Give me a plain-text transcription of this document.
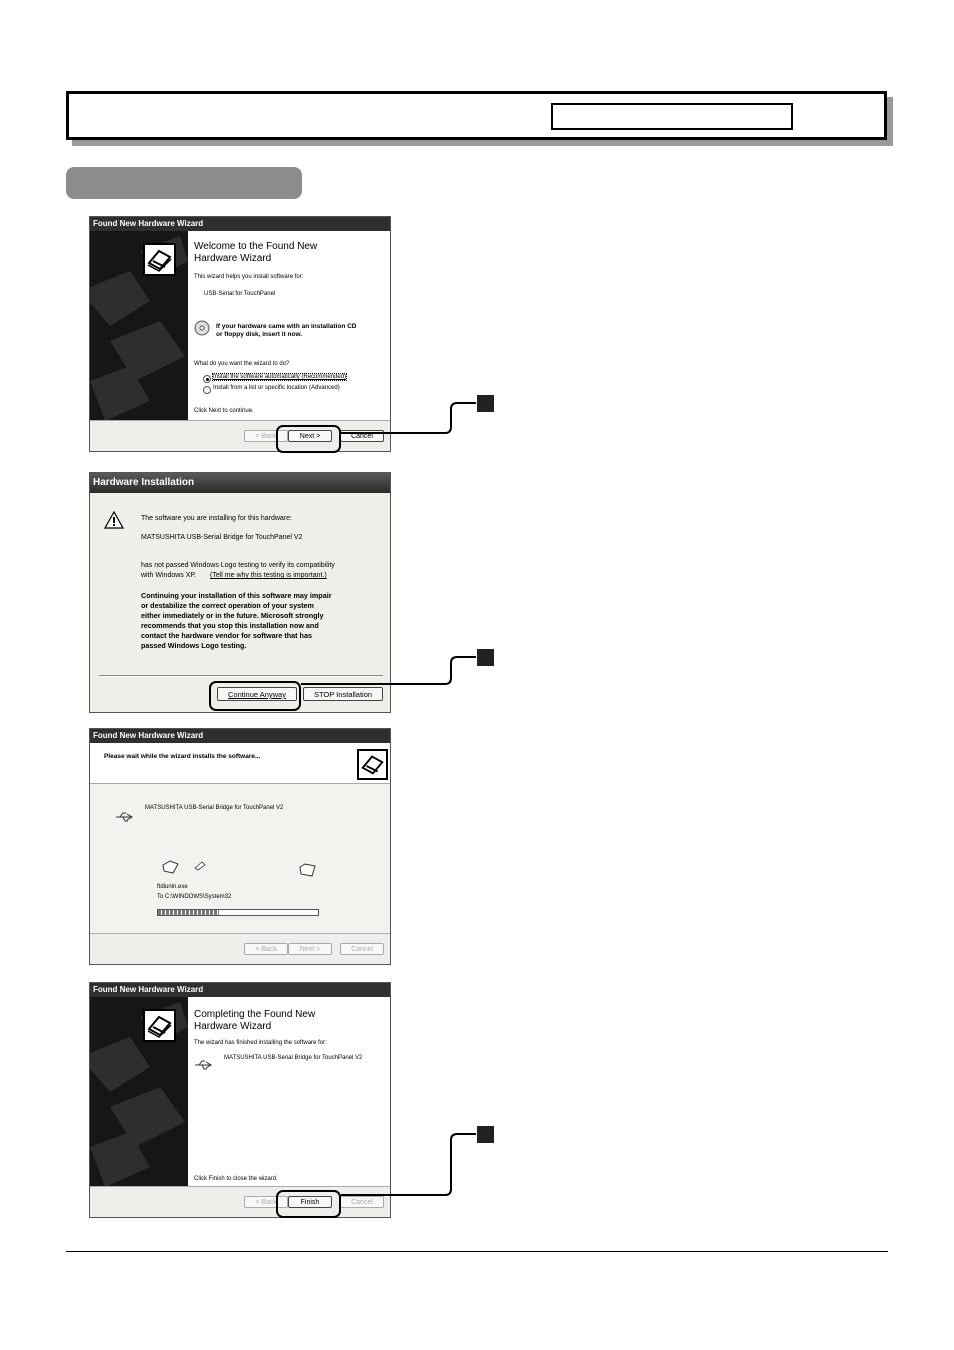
Found New Hardware Wizard
Welcome to the Found New
Hardware Wizard
This wizard helps you install software for:
USB-Serial for TouchPanel
If your hardware came with an installation CD
or floppy disk, insert it now.
What do you want the wizard to do?
Install the software automatically (Recommended)
Install from a list or specific location (Advanced)
Click Next to continue.
< Back	Next >	Cancel
Hardware Installation
The software you are installing for this hardware:
MATSUSHITA USB-Serial Bridge for TouchPanel V2
has not passed Windows Logo testing to verify its compatibility
with Windows XP. (Tell me why this testing is important.)
Continuing your installation of this software may impair
or destabilize the correct operation of your system
either immediately or in the future. Microsoft strongly
recommends that you stop this installation now and
contact the hardware vendor for software that has
passed Windows Logo testing.
Continue Anyway	STOP Installation
Found New Hardware Wizard
Please wait while the wizard installs the software...
MATSUSHITA USB-Serial Bridge for TouchPanel V2
ftdiunin.exe
To C:\WINDOWS\System32
< Back	Next >	Cancel
Found New Hardware Wizard
Completing the Found New
Hardware Wizard
The wizard has finished installing the software for:
MATSUSHITA USB-Serial Bridge for TouchPanel V2
Click Finish to close the wizard.
< Back	Finish	Cancel
